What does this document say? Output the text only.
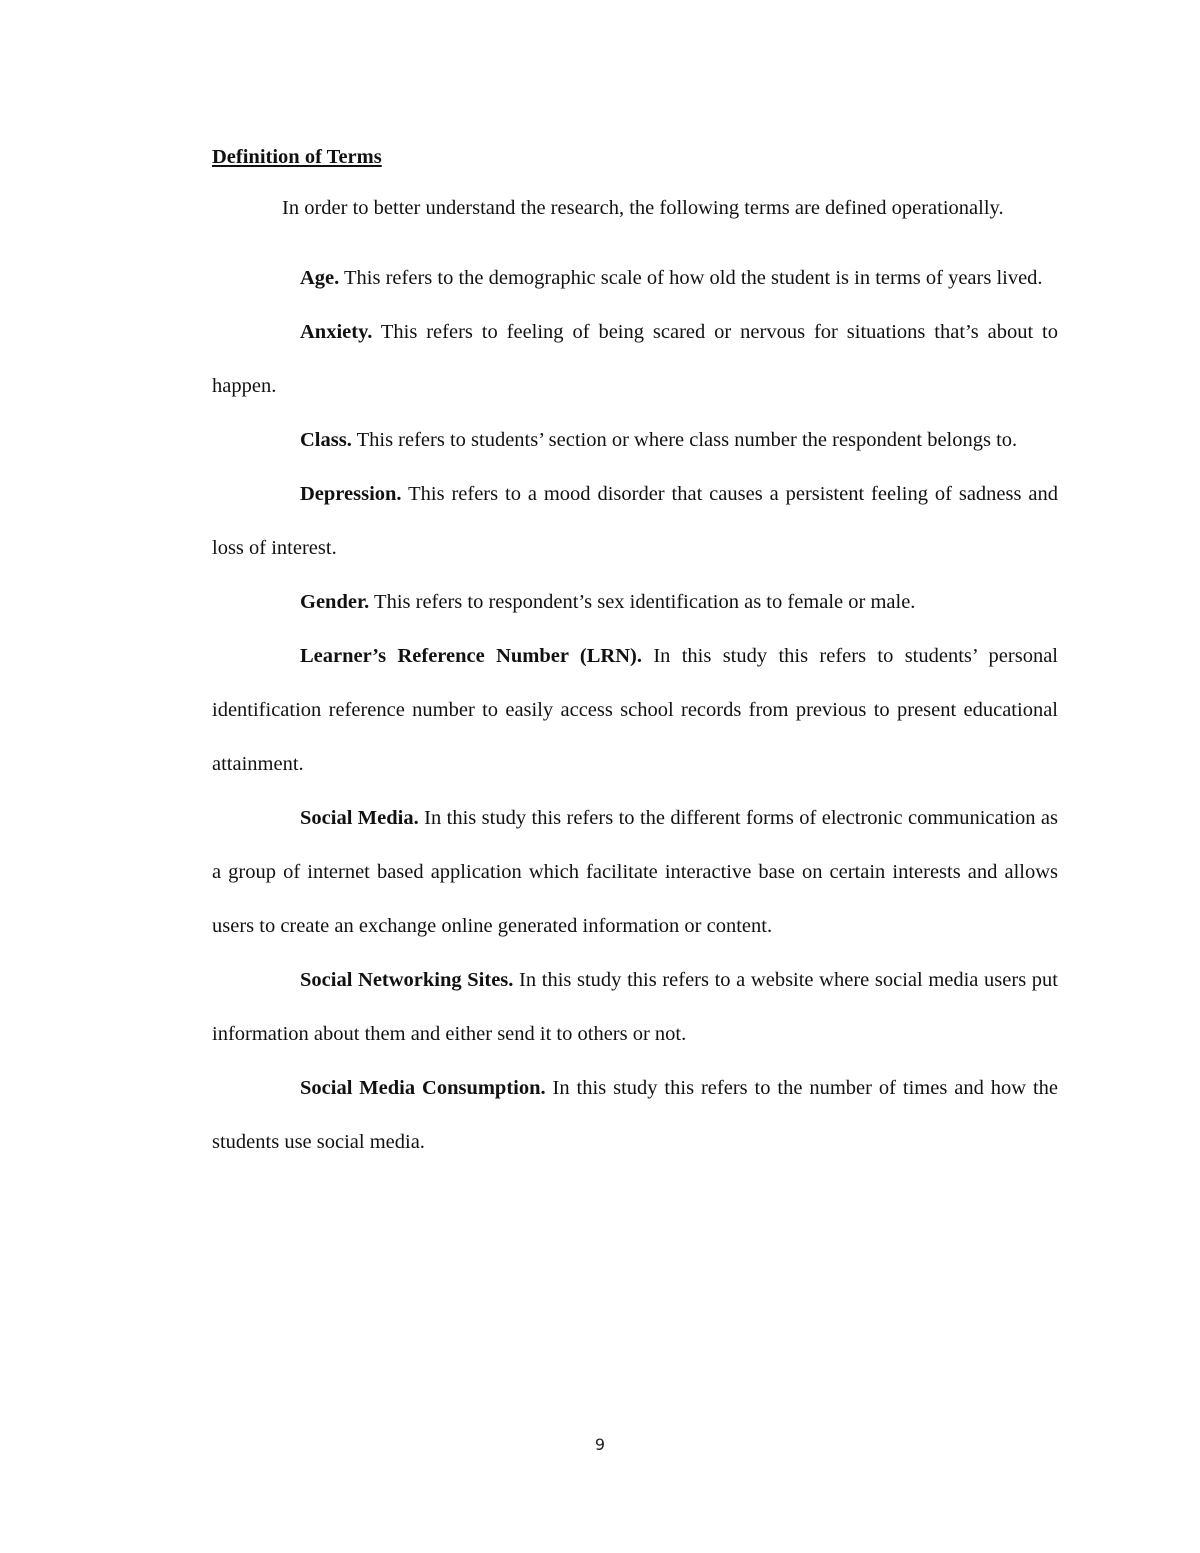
Definition of Terms

In order to better understand the research, the following terms are defined operationally.

Age. This refers to the demographic scale of how old the student is in terms of years lived.

Anxiety. This refers to feeling of being scared or nervous for situations that’s about to happen.

Class. This refers to students’ section or where class number the respondent belongs to.

Depression. This refers to a mood disorder that causes a persistent feeling of sadness and loss of interest.

Gender. This refers to respondent’s sex identification as to female or male.

Learner’s Reference Number (LRN). In this study this refers to students’ personal identification reference number to easily access school records from previous to present educational attainment.

Social Media. In this study this refers to the different forms of electronic communication as a group of internet based application which facilitate interactive base on certain interests and allows users to create an exchange online generated information or content.

Social Networking Sites. In this study this refers to a website where social media users put information about them and either send it to others or not.

Social Media Consumption. In this study this refers to the number of times and how the students use social media.

9
